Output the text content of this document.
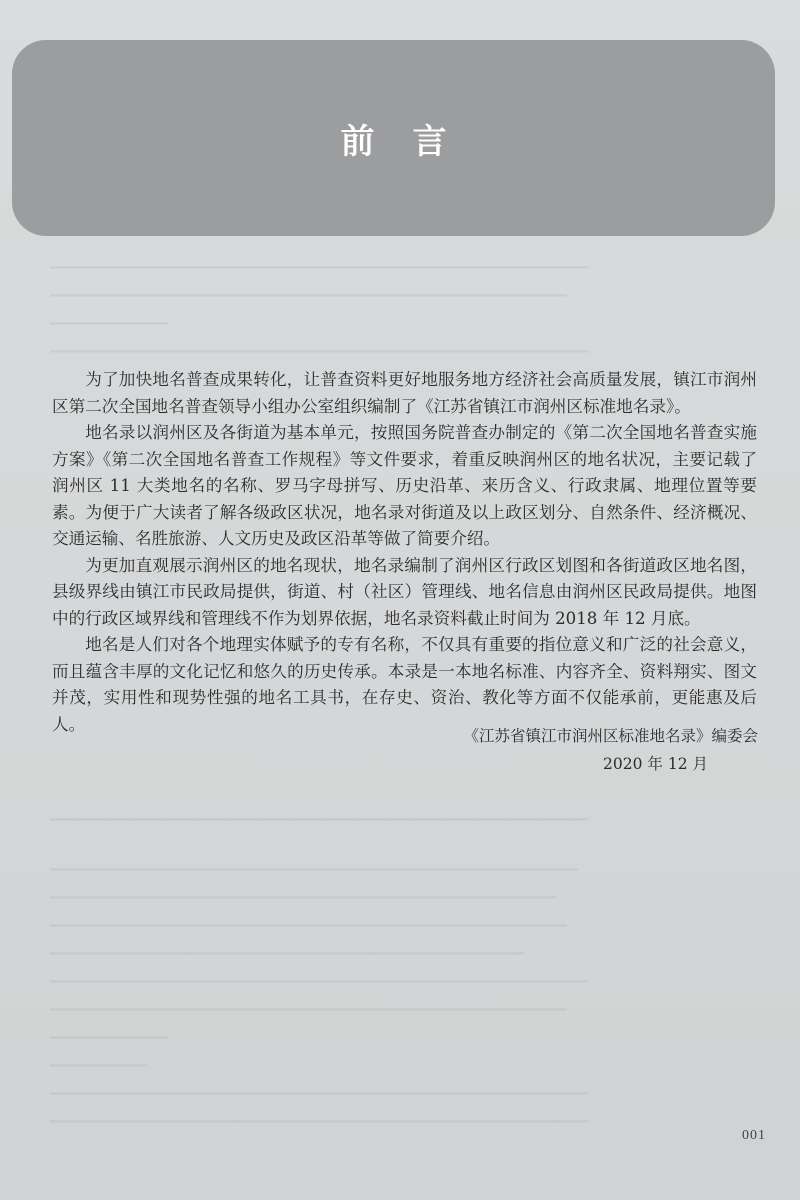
▁▁▁▁▁▁▁▁▁▁▁▁▁▁▁▁▁▁▁▁▁▁▁▁▁▁▁▁▁▁▁▁▁▁▁▁▁▁▁▁▁▁▁▁▁▁▁▁▁▁
▁▁▁▁▁▁▁▁▁▁▁▁▁▁▁▁▁▁▁▁▁▁▁▁▁▁▁▁▁▁▁▁▁▁▁▁▁▁▁▁▁▁▁▁▁▁▁▁
▁▁▁▁▁▁▁▁▁▁▁
▁▁▁▁▁▁▁▁▁▁▁▁▁▁▁▁▁▁▁▁▁▁▁▁▁▁▁▁▁▁▁▁▁▁▁▁▁▁▁▁▁▁▁▁▁▁▁▁▁▁
▁▁▁▁▁▁▁▁▁▁▁▁▁▁▁▁▁▁▁▁▁▁▁▁▁▁▁▁▁▁▁▁▁▁▁▁▁▁▁▁▁▁▁▁▁▁▁▁▁▁
▁▁▁▁▁▁▁▁▁▁▁▁▁▁▁▁▁▁▁▁▁▁▁▁▁▁▁▁▁▁▁▁▁▁▁▁▁▁▁▁▁▁▁▁▁▁▁▁▁
▁▁▁▁▁▁▁▁▁▁▁▁▁▁▁▁▁▁▁▁▁▁▁▁▁▁▁▁▁▁▁▁▁▁▁▁▁▁▁▁▁▁▁▁▁▁▁
▁▁▁▁▁▁▁▁▁▁▁▁▁▁▁▁▁▁▁▁▁▁▁▁▁▁▁▁▁▁▁▁▁▁▁▁▁▁▁▁▁▁▁▁▁▁▁▁
▁▁▁▁▁▁▁▁▁▁▁▁▁▁▁▁▁▁▁▁▁▁▁▁▁▁▁▁▁▁▁▁▁▁▁▁▁▁▁▁▁▁▁▁
▁▁▁▁▁▁▁▁▁▁▁▁▁▁▁▁▁▁▁▁▁▁▁▁▁▁▁▁▁▁▁▁▁▁▁▁▁▁▁▁▁▁▁▁▁▁▁▁▁▁
▁▁▁▁▁▁▁▁▁▁▁▁▁▁▁▁▁▁▁▁▁▁▁▁▁▁▁▁▁▁▁▁▁▁▁▁▁▁▁▁▁▁▁▁▁▁▁▁
▁▁▁▁▁▁▁▁▁▁▁
▁▁▁▁▁▁▁▁▁
▁▁▁▁▁▁▁▁▁▁▁▁▁▁▁▁▁▁▁▁▁▁▁▁▁▁▁▁▁▁▁▁▁▁▁▁▁▁▁▁▁▁▁▁▁▁▁▁▁▁
▁▁▁▁▁▁▁▁▁▁▁▁▁▁▁▁▁▁▁▁▁▁▁▁▁▁▁▁▁▁▁▁▁▁▁▁▁▁▁▁▁▁▁▁▁▁▁▁▁▁
前言

为了加快地名普查成果转化，让普查资料更好地服务地方经济社会高质量发展，镇江市润州区第二次全国地名普查领导小组办公室组织编制了《江苏省镇江市润州区标准地名录》。

地名录以润州区及各街道为基本单元，按照国务院普查办制定的《第二次全国地名普查实施方案》《第二次全国地名普查工作规程》等文件要求，着重反映润州区的地名状况，主要记载了润州区 11 大类地名的名称、罗马字母拼写、历史沿革、来历含义、行政隶属、地理位置等要素。为便于广大读者了解各级政区状况，地名录对街道及以上政区划分、自然条件、经济概况、交通运输、名胜旅游、人文历史及政区沿革等做了简要介绍。

为更加直观展示润州区的地名现状，地名录编制了润州区行政区划图和各街道政区地名图，县级界线由镇江市民政局提供，街道、村（社区）管理线、地名信息由润州区民政局提供。地图中的行政区域界线和管理线不作为划界依据，地名录资料截止时间为 2018 年 12 月底。

地名是人们对各个地理实体赋予的专有名称，不仅具有重要的指位意义和广泛的社会意义，而且蕴含丰厚的文化记忆和悠久的历史传承。本录是一本地名标准、内容齐全、资料翔实、图文并茂，实用性和现势性强的地名工具书，在存史、资治、教化等方面不仅能承前，更能惠及后人。

《江苏省镇江市润州区标准地名录》编委会
2020 年 12 月
001
